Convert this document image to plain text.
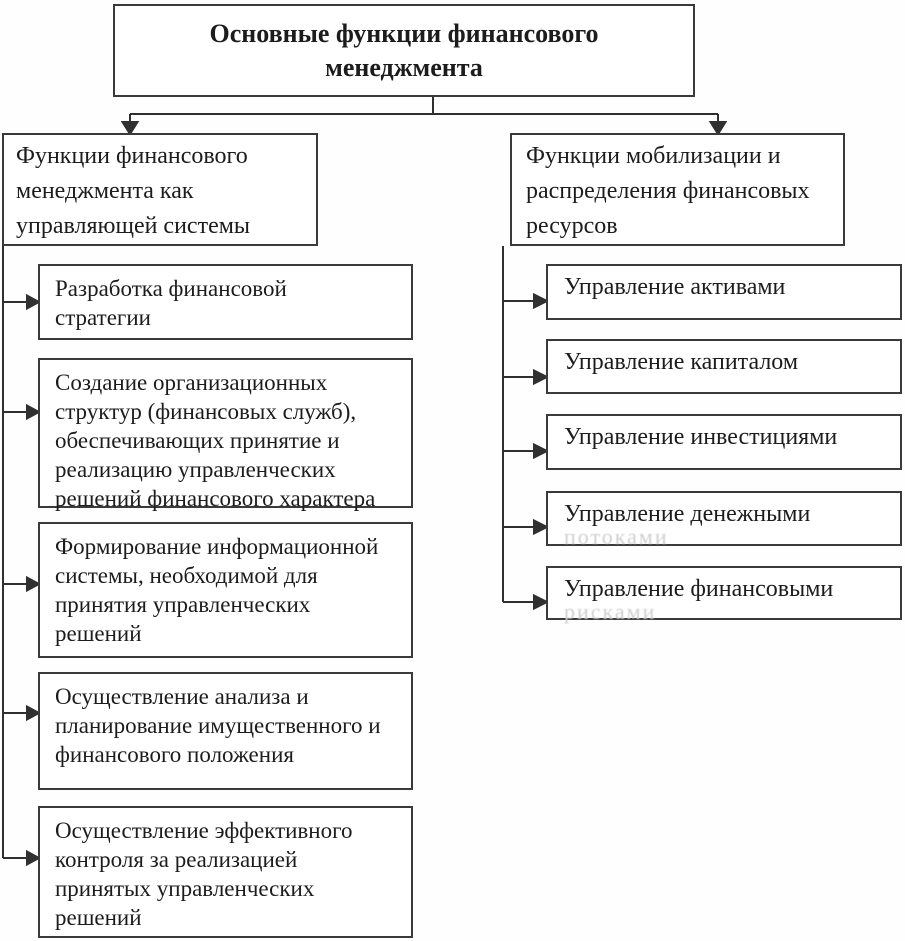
Основные функции финансового менеджмента
Функции финансового менеджмента как управляющей системы
Функции мобилизации и распределения финансовых ресурсов
Разработка финансовой стратегии
Создание организационных структур (финансовых служб), обеспечивающих принятие и реализацию управленческих решений финансового характера
Формирование информационной системы, необходимой для принятия управленческих решений
Осуществление анализа и планирование имущественного и финансового положения
Осуществление эффективного контроля за реализацией принятых управленческих решений
Управление активами
Управление капиталом
Управление инвестициями
Управление денежными
потоками
Управление финансовыми
рисками
